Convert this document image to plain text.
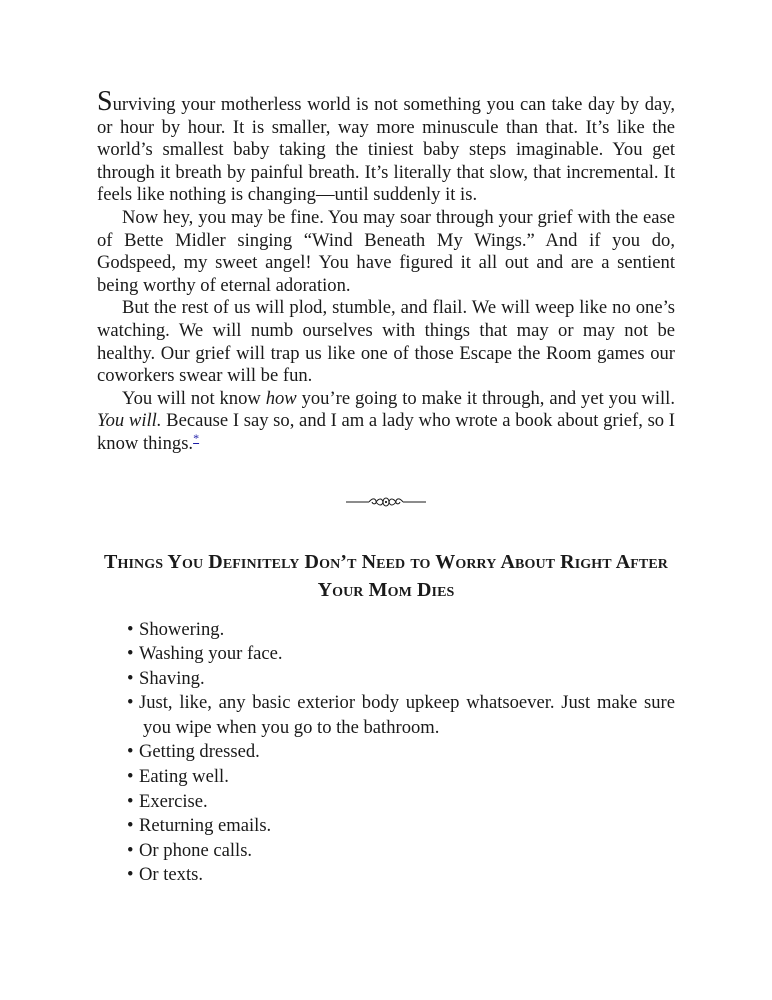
Surviving your motherless world is not something you can take day by day, or hour by hour. It is smaller, way more minuscule than that. It’s like the world’s smallest baby taking the tiniest baby steps imaginable. You get through it breath by painful breath. It’s literally that slow, that incremental. It feels like nothing is changing—until suddenly it is.

Now hey, you may be fine. You may soar through your grief with the ease of Bette Midler singing “Wind Beneath My Wings.” And if you do, Godspeed, my sweet angel! You have figured it all out and are a sentient being worthy of eternal adoration.

But the rest of us will plod, stumble, and flail. We will weep like no one’s watching. We will numb ourselves with things that may or may not be healthy. Our grief will trap us like one of those Escape the Room games our coworkers swear will be fun.

You will not know how you’re going to make it through, and yet you will. You will. Because I say so, and I am a lady who wrote a book about grief, so I know things.*

Things You Definitely Don’t Need to Worry About Right After Your Mom Dies
• Showering.
• Washing your face.
• Shaving.
• Just, like, any basic exterior body upkeep whatsoever. Just make sure you wipe when you go to the bathroom.
• Getting dressed.
• Eating well.
• Exercise.
• Returning emails.
• Or phone calls.
• Or texts.
